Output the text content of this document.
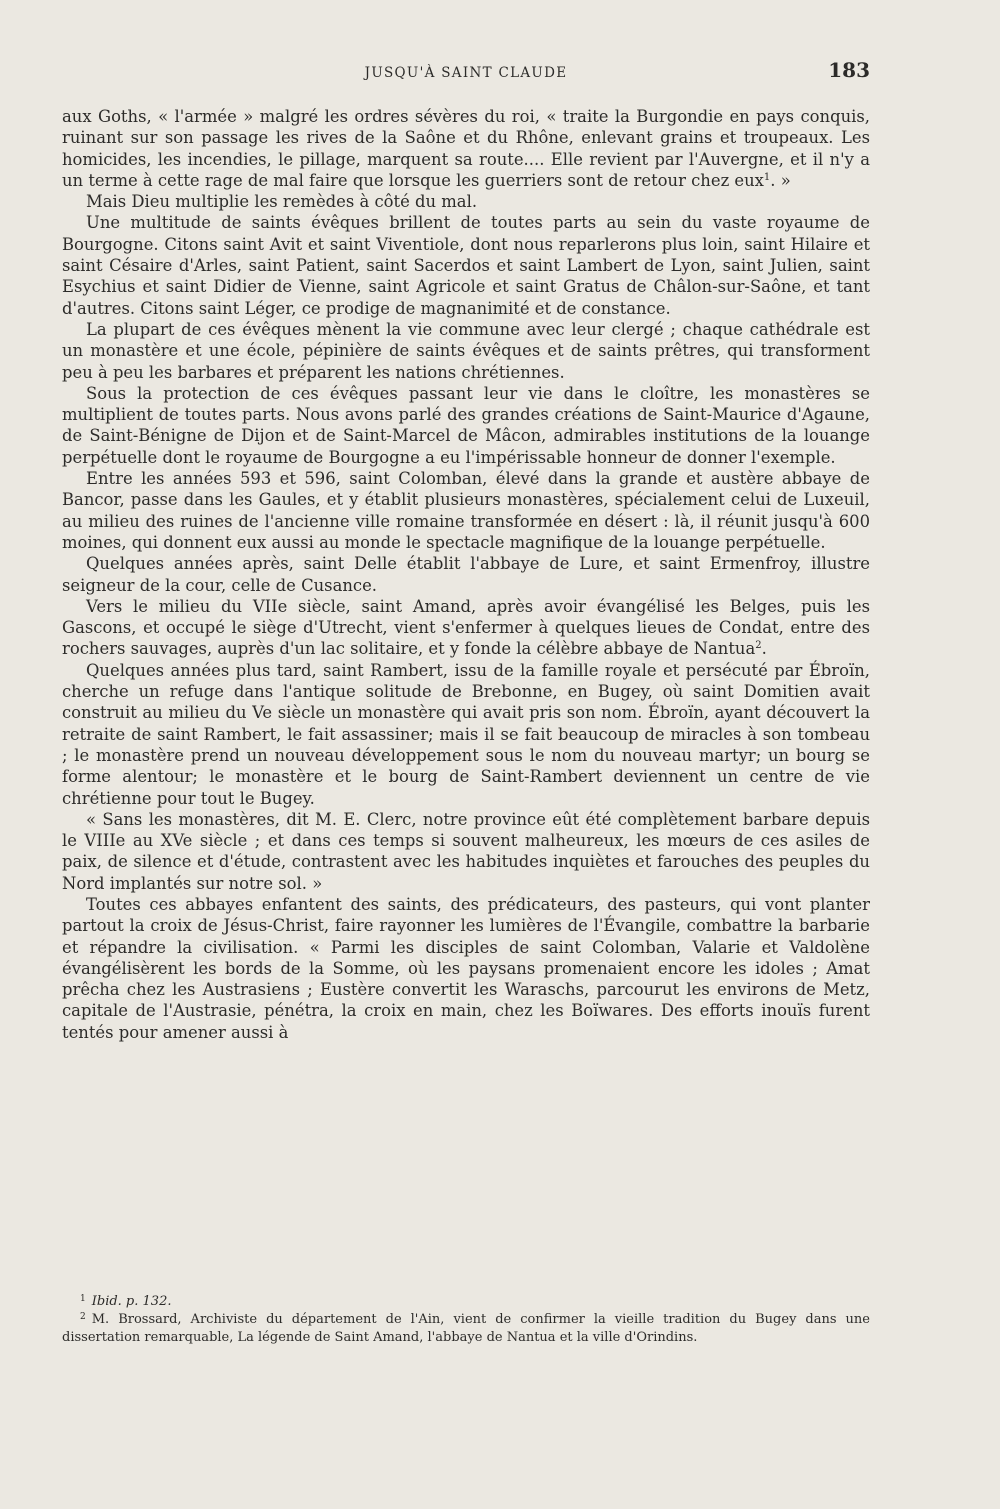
JUSQU'À SAINT CLAUDE	183

aux Goths, « l'armée » malgré les ordres sévères du roi, « traite la Burgondie en pays conquis, ruinant sur son passage les rives de la Saône et du Rhône, enlevant grains et troupeaux. Les homicides, les incendies, le pillage, marquent sa route.... Elle revient par l'Auvergne, et il n'y a un terme à cette rage de mal faire que lorsque les guerriers sont de retour chez eux$^1$. »

Mais Dieu multiplie les remèdes à côté du mal.

Une multitude de saints évêques brillent de toutes parts au sein du vaste royaume de Bourgogne. Citons saint Avit et saint Viventiole, dont nous reparlerons plus loin, saint Hilaire et saint Césaire d'Arles, saint Patient, saint Sacerdos et saint Lambert de Lyon, saint Julien, saint Esychius et saint Didier de Vienne, saint Agricole et saint Gratus de Châlon-sur-Saône, et tant d'autres. Citons saint Léger, ce prodige de magnanimité et de constance.

La plupart de ces évêques mènent la vie commune avec leur clergé ; chaque cathédrale est un monastère et une école, pépinière de saints évêques et de saints prêtres, qui transforment peu à peu les barbares et préparent les nations chrétiennes.

Sous la protection de ces évêques passant leur vie dans le cloître, les monastères se multiplient de toutes parts. Nous avons parlé des grandes créations de Saint-Maurice d'Agaune, de Saint-Bénigne de Dijon et de Saint-Marcel de Mâcon, admirables institutions de la louange perpétuelle dont le royaume de Bourgogne a eu l'impérissable honneur de donner l'exemple.

Entre les années 593 et 596, saint Colomban, élevé dans la grande et austère abbaye de Bancor, passe dans les Gaules, et y établit plusieurs monastères, spécialement celui de Luxeuil, au milieu des ruines de l'ancienne ville romaine transformée en désert : là, il réunit jusqu'à 600 moines, qui donnent eux aussi au monde le spectacle magnifique de la louange perpétuelle.

Quelques années après, saint Delle établit l'abbaye de Lure, et saint Ermenfroy, illustre seigneur de la cour, celle de Cusance.

Vers le milieu du VIIe siècle, saint Amand, après avoir évangélisé les Belges, puis les Gascons, et occupé le siège d'Utrecht, vient s'enfermer à quelques lieues de Condat, entre des rochers sauvages, auprès d'un lac solitaire, et y fonde la célèbre abbaye de Nantua$^2$.

Quelques années plus tard, saint Rambert, issu de la famille royale et persécuté par Ébroïn, cherche un refuge dans l'antique solitude de Brebonne, en Bugey, où saint Domitien avait construit au milieu du Ve siècle un monastère qui avait pris son nom. Ébroïn, ayant découvert la retraite de saint Rambert, le fait assassiner; mais il se fait beaucoup de miracles à son tombeau ; le monastère prend un nouveau développement sous le nom du nouveau martyr; un bourg se forme alentour; le monastère et le bourg de Saint-Rambert deviennent un centre de vie chrétienne pour tout le Bugey.

« Sans les monastères, dit M. E. Clerc, notre province eût été complètement barbare depuis le VIIIe au XVe siècle ; et dans ces temps si souvent malheureux, les mœurs de ces asiles de paix, de silence et d'étude, contrastent avec les habitudes inquiètes et farouches des peuples du Nord implantés sur notre sol. »

Toutes ces abbayes enfantent des saints, des prédicateurs, des pasteurs, qui vont planter partout la croix de Jésus-Christ, faire rayonner les lumières de l'Évangile, combattre la barbarie et répandre la civilisation. « Parmi les disciples de saint Colomban, Valarie et Valdolène évangélisèrent les bords de la Somme, où les paysans promenaient encore les idoles ; Amat prêcha chez les Austrasiens ; Eustère convertit les Waraschs, parcourut les environs de Metz, capitale de l'Austrasie, pénétra, la croix en main, chez les Boïwares. Des efforts inouïs furent tentés pour amener aussi à

$^1$ Ibid. p. 132.

$^2$ M. Brossard, Archiviste du département de l'Ain, vient de confirmer la vieille tradition du Bugey dans une dissertation remarquable, La légende de Saint Amand, l'abbaye de Nantua et la ville d'Orindins.
